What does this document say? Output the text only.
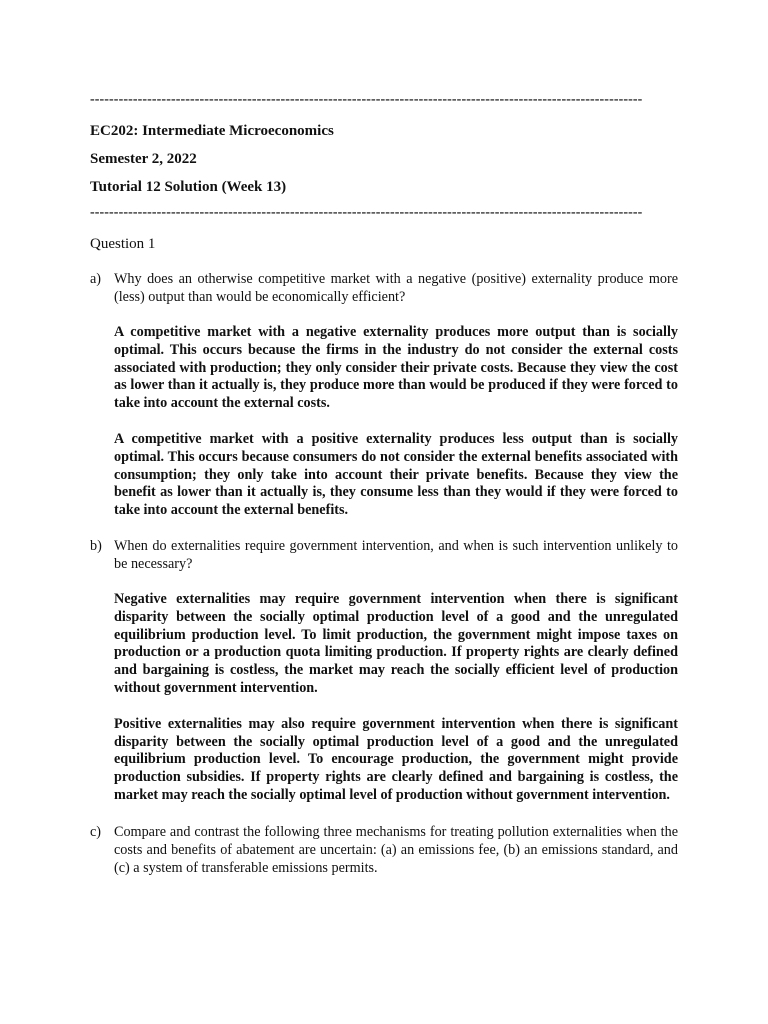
--------------------------------------------------------------------------------------------------------------------
EC202: Intermediate Microeconomics
Semester 2, 2022
Tutorial 12 Solution (Week 13)
--------------------------------------------------------------------------------------------------------------------
Question 1
a) Why does an otherwise competitive market with a negative (positive) externality produce more (less) output than would be economically efficient?
A competitive market with a negative externality produces more output than is socially optimal. This occurs because the firms in the industry do not consider the external costs associated with production; they only consider their private costs. Because they view the cost as lower than it actually is, they produce more than would be produced if they were forced to take into account the external costs.
A competitive market with a positive externality produces less output than is socially optimal. This occurs because consumers do not consider the external benefits associated with consumption; they only take into account their private benefits. Because they view the benefit as lower than it actually is, they consume less than they would if they were forced to take into account the external benefits.
b) When do externalities require government intervention, and when is such intervention unlikely to be necessary?
Negative externalities may require government intervention when there is significant disparity between the socially optimal production level of a good and the unregulated equilibrium production level. To limit production, the government might impose taxes on production or a production quota limiting production. If property rights are clearly defined and bargaining is costless, the market may reach the socially efficient level of production without government intervention.
Positive externalities may also require government intervention when there is significant disparity between the socially optimal production level of a good and the unregulated equilibrium production level. To encourage production, the government might provide production subsidies. If property rights are clearly defined and bargaining is costless, the market may reach the socially optimal level of production without government intervention.
c) Compare and contrast the following three mechanisms for treating pollution externalities when the costs and benefits of abatement are uncertain: (a) an emissions fee, (b) an emissions standard, and (c) a system of transferable emissions permits.
